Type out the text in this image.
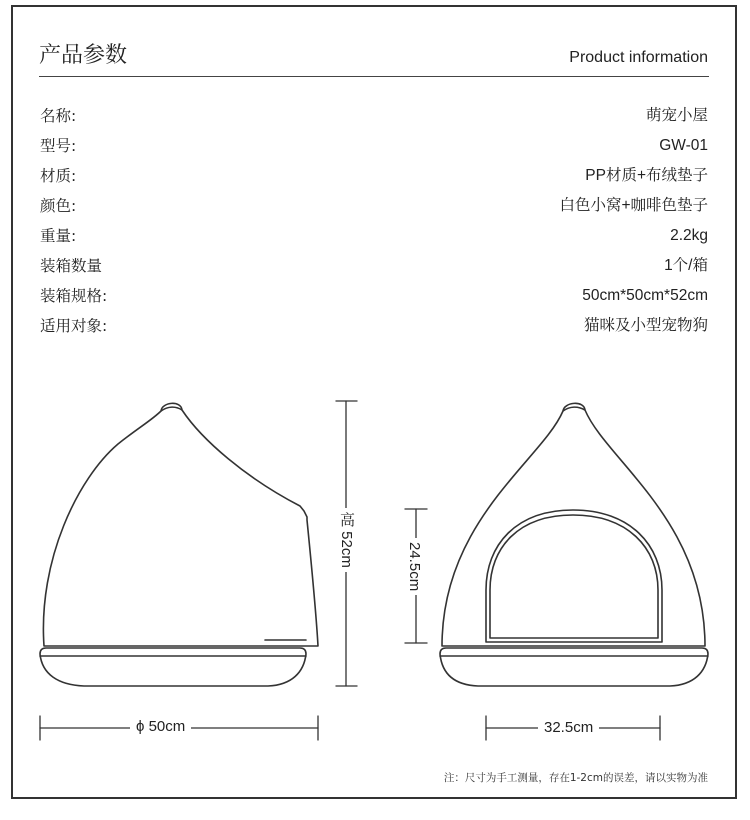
产品参数	Product information
名称:	萌宠小屋
型号:	GW-01
材质:	PP材质+布绒垫子
颜色:	白色小窝+咖啡色垫子
重量:	2.2kg
装箱数量	1个/箱
装箱规格:	50cm*50cm*52cm
适用对象:	猫咪及小型宠物狗
高 52cm	24.5cm
ϕ 50cm	32.5cm
注：尺寸为手工测量，存在1-2cm的误差，请以实物为准
